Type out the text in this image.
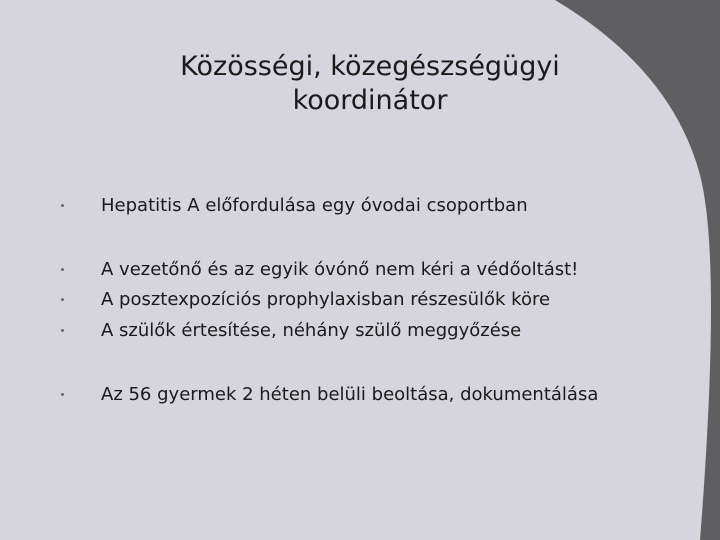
Közösségi, közegészségügyi
koordinátor
Hepatitis A előfordulása egy óvodai csoportban
A vezetőnő és az egyik óvónő nem kéri a védőoltást!
A posztexpozíciós prophylaxisban részesülők köre
A szülők értesítése, néhány szülő meggyőzése
Az 56 gyermek 2 héten belüli beoltása, dokumentálása
